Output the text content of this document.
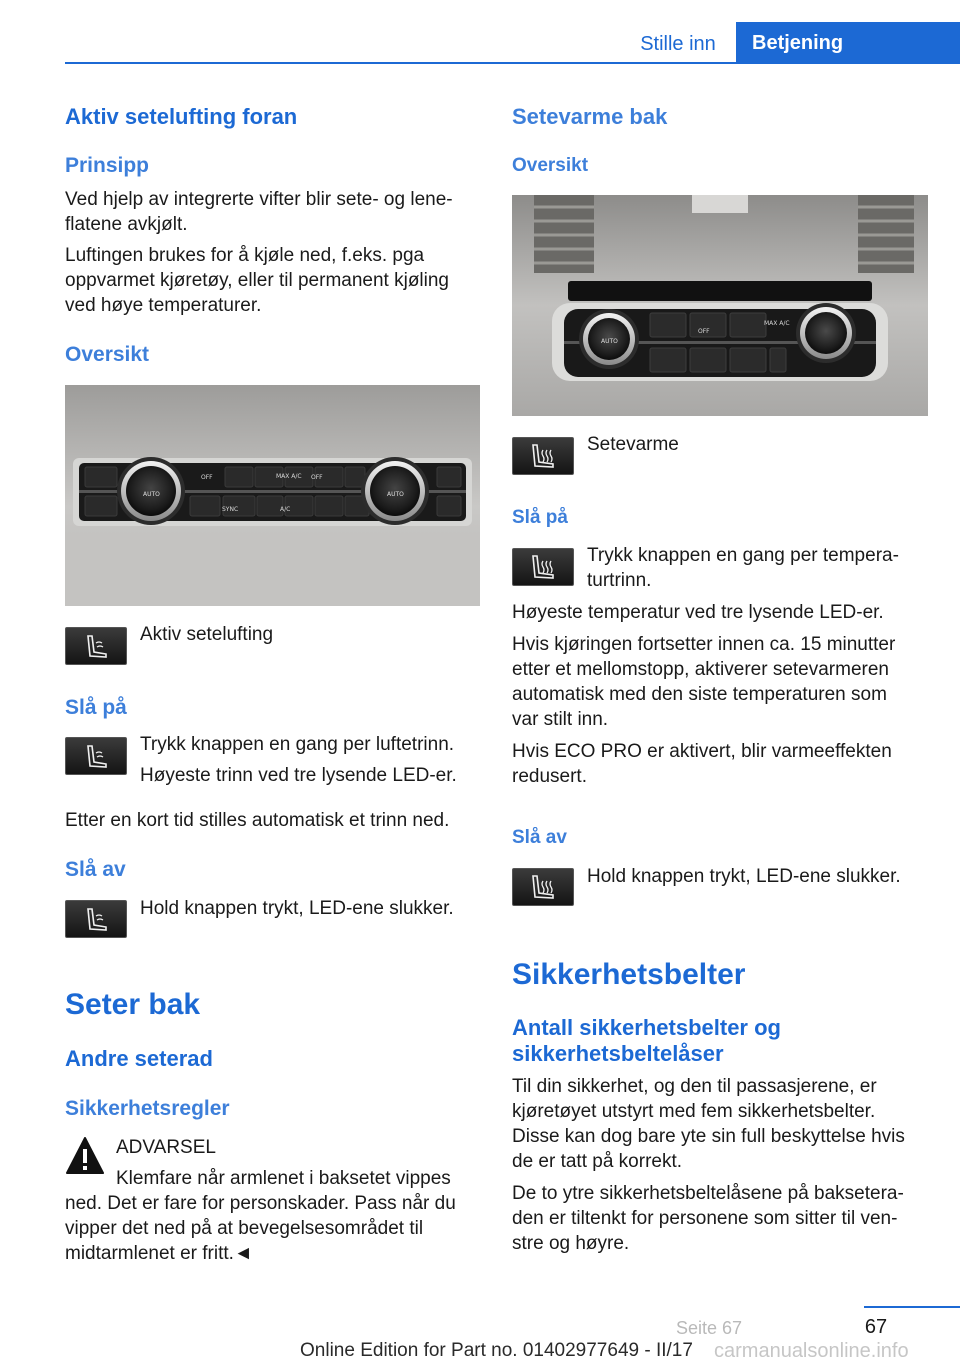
Stille inn	Betjening
Aktiv setelufting foran
Prinsipp
Ved hjelp av integrerte vifter blir sete- og lene-
flatene avkjølt.
Luftingen brukes for å kjøle ned, f.eks. pga
oppvarmet kjøretøy, eller til permanent kjøling
ved høye temperaturer.
Oversikt
OFF	MAX A/C OFF
SYNC	A/C
AUTO	AUTO
Aktiv setelufting
Slå på
Trykk knappen en gang per luftetrinn.
Høyeste trinn ved tre lysende LED-er.
Etter en kort tid stilles automatisk et trinn ned.
Slå av
Hold knappen trykt, LED-ene slukker.
Seter bak
Andre seterad
Sikkerhetsregler
ADVARSEL
Klemfare når armlenet i baksetet vippes
ned. Det er fare for personskader. Pass når du
vipper det ned på at bevegelsesområdet til
midtarmlenet er fritt.◄
Setevarme bak
Oversikt
OFF
MAX A/C
AUTO
Setevarme
Slå på
Trykk knappen en gang per tempera-
turtrinn.
Høyeste temperatur ved tre lysende LED-er.
Hvis kjøringen fortsetter innen ca. 15 minutter
etter et mellomstopp, aktiverer setevarmeren
automatisk med den siste temperaturen som
var stilt inn.
Hvis ECO PRO er aktivert, blir varmeeffekten
redusert.
Slå av
Hold knappen trykt, LED-ene slukker.
Sikkerhetsbelter
Antall sikkerhetsbelter og
sikkerhetsbeltelåser
Til din sikkerhet, og den til passasjerene, er
kjøretøyet utstyrt med fem sikkerhetsbelter.
Disse kan dog bare yte sin full beskyttelse hvis
de er tatt på korrekt.
De to ytre sikkerhetsbeltelåsene på baksetera-
den er tiltenkt for personene som sitter til ven-
stre og høyre.
67
Seite 67
Online Edition for Part no. 01402977649 - II/17 carmanualsonline.info
